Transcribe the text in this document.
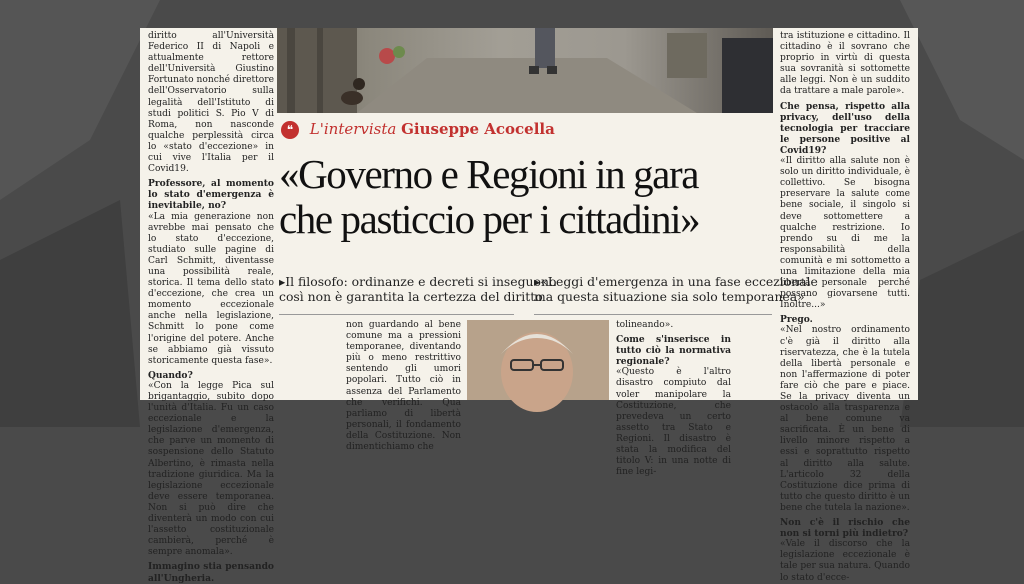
diritto all'Università Federico II di Napoli e attualmente rettore dell'Università Giustino Fortunato nonché direttore dell'Osservatorio sulla legalità dell'Istituto di studi politici S. Pio V di Roma, non nasconde qualche perplessità circa lo «stato d'eccezione» in cui vive l'Italia per il Covid19.

Professore, al momento lo stato d'emergenza è inevitabile, no?

«La mia generazione non avrebbe mai pensato che lo stato d'eccezione, studiato sulle pagine di Carl Schmitt, diventasse una possibilità reale, storica. Il tema dello stato d'eccezione, che crea un momento eccezionale anche nella legislazione, Schmitt lo pone come l'origine del potere. Anche se abbiamo già vissuto storicamente questa fase».

Quando?

«Con la legge Pica sul brigantaggio, subito dopo l'unità d'Italia. Fu un caso eccezionale e la legislazione d'emergenza, che parve un momento di sospensione dello Statuto Albertino, è rimasta nella tradizione giuridica. Ma la legislazione eccezionale deve essere temporanea. Non si può dire che diventerà un modo con cui l'assetto costituzionale cambierà, perché è sempre anomala».

Immagino stia pensando all'Ungheria.

❝ L'intervista Giuseppe Acocella
«Governo e Regioni in gara
che pasticcio per i cittadini»
▸Il filosofo: ordinanze e decreti si inseguono
così non è garantita la certezza del diritto
▸«Leggi d'emergenza in una fase eccezionale
ma questa situazione sia solo temporanea»

non guardando al bene comune ma a pressioni temporanee, diventando più o meno restrittivo sentendo gli umori popolari. Tutto ciò in assenza del Parlamento che verifichi. Qua parliamo di libertà personali, il fondamento della Costituzione. Non dimentichiamo che

tolineando».

Come s'inserisce in tutto ciò la normativa regionale?

«Questo è l'altro disastro compiuto dal voler manipolare la Costituzione, che prevedeva un certo assetto tra Stato e Regioni. Il disastro è stata la modifica del titolo V: in una notte di fine legi-

tra istituzione e cittadino. Il cittadino è il sovrano che proprio in virtù di questa sua sovranità si sottomette alle leggi. Non è un suddito da trattare a male parole».

Che pensa, rispetto alla privacy, dell'uso della tecnologia per tracciare le persone positive al Covid19?

«Il diritto alla salute non è solo un diritto individuale, è collettivo. Se bisogna preservare la salute come bene sociale, il singolo si deve sottomettere a qualche restrizione. Io prendo su di me la responsabilità della comunità e mi sottometto a una limitazione della mia libertà personale perché possano giovarsene tutti. Inoltre...»

Prego.

«Nel nostro ordinamento c'è già il diritto alla riservatezza, che è la tutela della libertà personale e non l'affermazione di poter fare ciò che pare e piace. Se la privacy diventa un ostacolo alla trasparenza e al bene comune va sacrificata. È un bene di livello minore rispetto a essi e soprattutto rispetto al diritto alla salute. L'articolo 32 della Costituzione dice prima di tutto che questo diritto è un bene che tutela la nazione».

Non c'è il rischio che non si torni più indietro?

«Vale il discorso che la legislazione eccezionale è tale per sua natura. Quando lo stato d'ecce-
